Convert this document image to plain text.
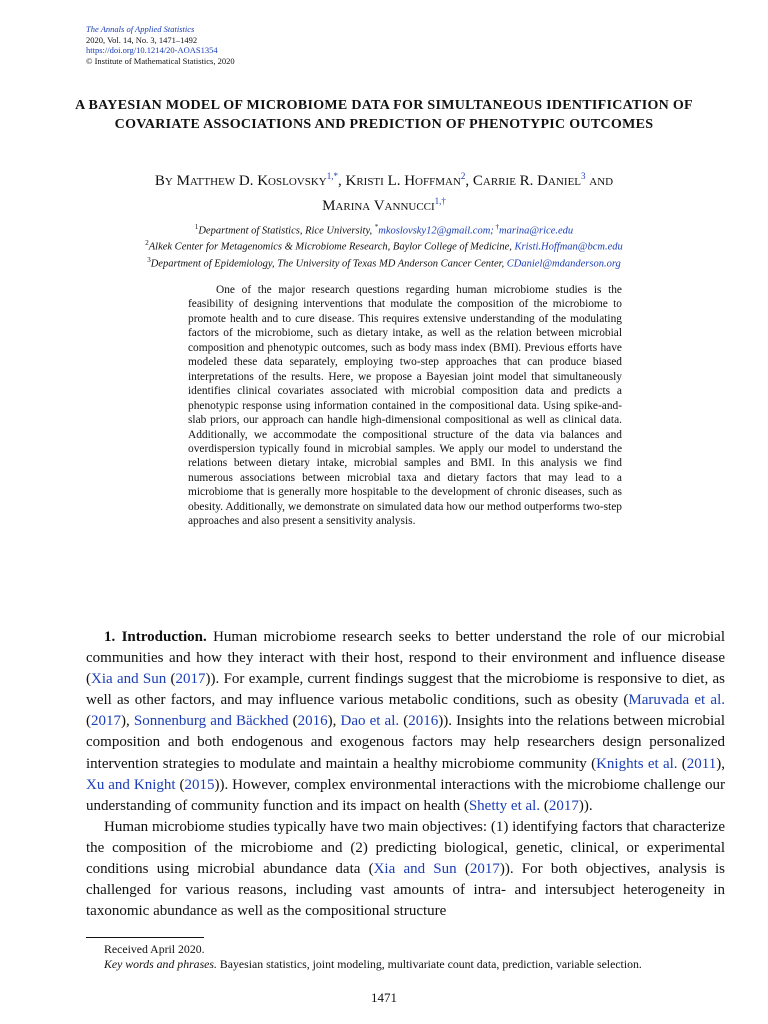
The Annals of Applied Statistics
2020, Vol. 14, No. 3, 1471–1492
https://doi.org/10.1214/20-AOAS1354
© Institute of Mathematical Statistics, 2020
A BAYESIAN MODEL OF MICROBIOME DATA FOR SIMULTANEOUS IDENTIFICATION OF COVARIATE ASSOCIATIONS AND PREDICTION OF PHENOTYPIC OUTCOMES
By Matthew D. Koslovsky$^{1,*}$, Kristi L. Hoffman$^2$, Carrie R. Daniel$^3$ and
Marina Vannucci$^{1,\dagger}$
$^1$Department of Statistics, Rice University, *mkoslovsky12@gmail.com; †marina@rice.edu
$^2$Alkek Center for Metagenomics & Microbiome Research, Baylor College of Medicine, Kristi.Hoffman@bcm.edu
$^3$Department of Epidemiology, The University of Texas MD Anderson Cancer Center, CDaniel@mdanderson.org

One of the major research questions regarding human microbiome studies is the feasibility of designing interventions that modulate the composition of the microbiome to promote health and to cure disease. This requires extensive understanding of the modulating factors of the microbiome, such as dietary intake, as well as the relation between microbial composition and phenotypic outcomes, such as body mass index (BMI). Previous efforts have modeled these data separately, employing two-step approaches that can produce biased interpretations of the results. Here, we propose a Bayesian joint model that simultaneously identifies clinical covariates associated with microbial composition data and predicts a phenotypic response using information contained in the compositional data. Using spike-and-slab priors, our approach can handle high-dimensional compositional as well as clinical data. Additionally, we accommodate the compositional structure of the data via balances and overdispersion typically found in microbial samples. We apply our model to understand the relations between dietary intake, microbial samples and BMI. In this analysis we find numerous associations between microbial taxa and dietary factors that may lead to a microbiome that is generally more hospitable to the development of chronic diseases, such as obesity. Additionally, we demonstrate on simulated data how our method outperforms two-step approaches and also present a sensitivity analysis.

1. Introduction. Human microbiome research seeks to better understand the role of our microbial communities and how they interact with their host, respond to their environment and influence disease (Xia and Sun (2017)). For example, current findings suggest that the microbiome is responsive to diet, as well as other factors, and may influence various metabolic conditions, such as obesity (Maruvada et al. (2017), Sonnenburg and Bäckhed (2016), Dao et al. (2016)). Insights into the relations between microbial composition and both endogenous and exogenous factors may help researchers design personalized intervention strategies to modulate and maintain a healthy microbiome community (Knights et al. (2011), Xu and Knight (2015)). However, complex environmental interactions with the microbiome challenge our understanding of community function and its impact on health (Shetty et al. (2017)).

Human microbiome studies typically have two main objectives: (1) identifying factors that characterize the composition of the microbiome and (2) predicting biological, genetic, clinical, or experimental conditions using microbial abundance data (Xia and Sun (2017)). For both objectives, analysis is challenged for various reasons, including vast amounts of intra- and intersubject heterogeneity in taxonomic abundance as well as the compositional structure

Received April 2020.

Key words and phrases. Bayesian statistics, joint modeling, multivariate count data, prediction, variable selection.

1471
